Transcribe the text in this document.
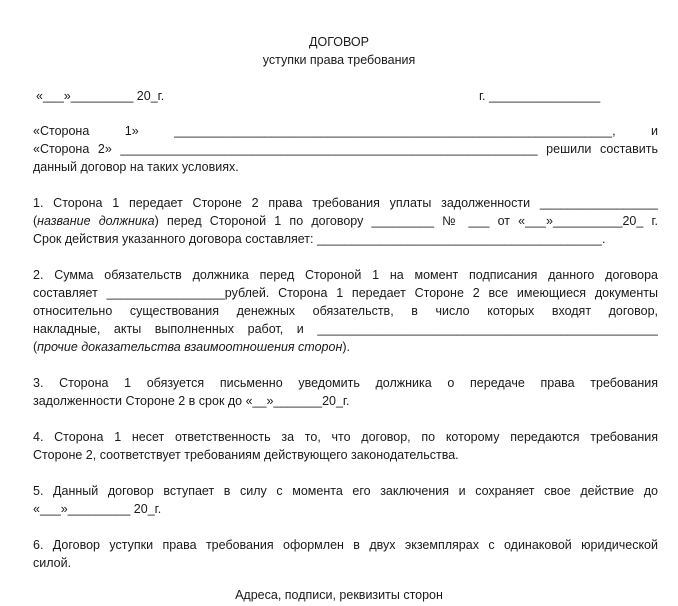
ДОГОВОР
уступки права требования
«___»_________ 20_г.	г. ________________
«Сторона 1» _______________________________________________________________, и
«Сторона 2» ____________________________________________________________ решили составить
данный договор на таких условиях.
1. Сторона 1 передает Стороне 2 права требования уплаты задолженности _________________
(название должника) перед Стороной 1 по договору _________ № ___ от «___»__________20_ г.
Срок действия указанного договора составляет: _________________________________________.
2. Сумма обязательств должника перед Стороной 1 на момент подписания данного договора
составляет _________________рублей. Сторона 1 передает Стороне 2 все имеющиеся документы
относительно существования денежных обязательств, в число которых входят договор,
накладные, акты выполненных работ, и _________________________________________________
(прочие доказательства взаимоотношения сторон).
3. Сторона 1 обязуется письменно уведомить должника о передаче права требования
задолженности Стороне 2 в срок до «__»_______20_г.
4. Сторона 1 несет ответственность за то, что договор, по которому передаются требования
Стороне 2, соответствует требованиям действующего законодательства.
5. Данный договор вступает в силу с момента его заключения и сохраняет свое действие до
«___»_________ 20_г.
6. Договор уступки права требования оформлен в двух экземплярах с одинаковой юридической
силой.
Адреса, подписи, реквизиты сторон
